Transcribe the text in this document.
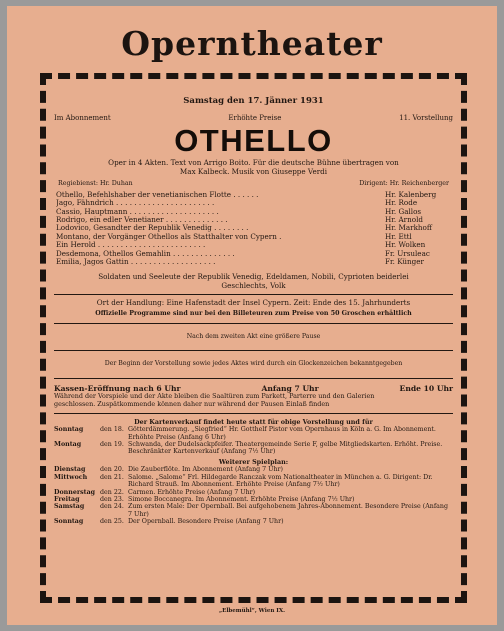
Operntheater
Samstag den 17. Jänner 1931
Im Abonnement	Erhöhte Preise	11. Vorstellung
OTHELLO
Oper in 4 Akten. Text von Arrigo Boito. Für die deutsche Bühne übertragen von
Max Kalbeck. Musik von Giuseppe Verdi
Regiebienst: Hr. Duhan	Dirigent: Hr. Reichenberger
Othello, Befehlshaber der venetianischen Flotte . . . . . .	Hr. Kalenberg
Jago, Fähndrich . . . . . . . . . . . . . . . . . . . . . .	Hr. Rode
Cassio, Hauptmann . . . . . . . . . . . . . . . . . . . .	Hr. Gallos
Rodrigo, ein edler Venetianer . . . . . . . . . . . . . .	Hr. Arnold
Lodovico, Gesandter der Republik Venedig . . . . . . . .	Hr. Markhoff
Montano, der Vorgänger Othellos als Statthalter von Cypern .	Hr. Ettl
Ein Herold . . . . . . . . . . . . . . . . . . . . . . . .	Hr. Wolken
Desdemona, Othellos Gemahlin . . . . . . . . . . . . . .	Fr. Ursuleac
Emilia, Jagos Gattin . . . . . . . . . . . . . . . . . . .	Fr. Künger
Soldaten und Seeleute der Republik Venedig, Edeldamen, Nobili, Cyprioten beiderlei
Geschlechts, Volk
Ort der Handlung: Eine Hafenstadt der Insel Cypern. Zeit: Ende des 15. Jahrhunderts
Offizielle Programme sind nur bei den Billeteuren zum Preise von 50 Groschen erhältlich
Nach dem zweiten Akt eine größere Pause
Der Beginn der Vorstellung sowie jedes Aktes wird durch ein Glockenzeichen bekanntgegeben
Kassen-Eröffnung nach 6 Uhr	Anfang 7 Uhr	Ende 10 Uhr
Während der Vorspiele und der Akte bleiben die Saaltüren zum Parkett, Parterre und den Galerien
geschlossen. Zuspätkommende können daher nur während der Pausen Einlaß finden
Der Kartenverkauf findet heute statt für obige Vorstellung und für
Sonntag	den 18. Götterdämmerung. „Siegfried“ Hr. Gotthelf Pistor vom Opernhaus in Köln a. G. Im Abonnement. Erhöhte Preise (Anfang 6 Uhr)
Montag	den 19. Schwanda, der Dudelsackpfeifer. Theatergemeinde Serie F, gelbe Mitgliedskarten. Erhöht. Preise. Beschränkter Kartenverkauf (Anfang 7½ Uhr)
Weiterer Spielplan:
Dienstag	den 20. Die Zauberflöte. Im Abonnement (Anfang 7 Uhr)
Mittwoch	den 21. Salome. „Salome“ Frl. Hildegarde Ranczak vom Nationaltheater in München a. G. Dirigent: Dr. Richard Strauß. Im Abonnement. Erhöhte Preise (Anfang 7½ Uhr)
Donnerstag den 22. Carmen. Erhöhte Preise (Anfang 7 Uhr)
Freitag	den 23. Simone Boccanegra. Im Abonnement. Erhöhte Preise (Anfang 7½ Uhr)
Samstag	den 24. Zum ersten Male: Der Opernball. Bei aufgehobenem Jahres-Abonnement. Besondere Preise (Anfang 7 Uhr)
Sonntag	den 25. Der Opernball. Besondere Preise (Anfang 7 Uhr)
„Elbemühl“, Wien IX.
